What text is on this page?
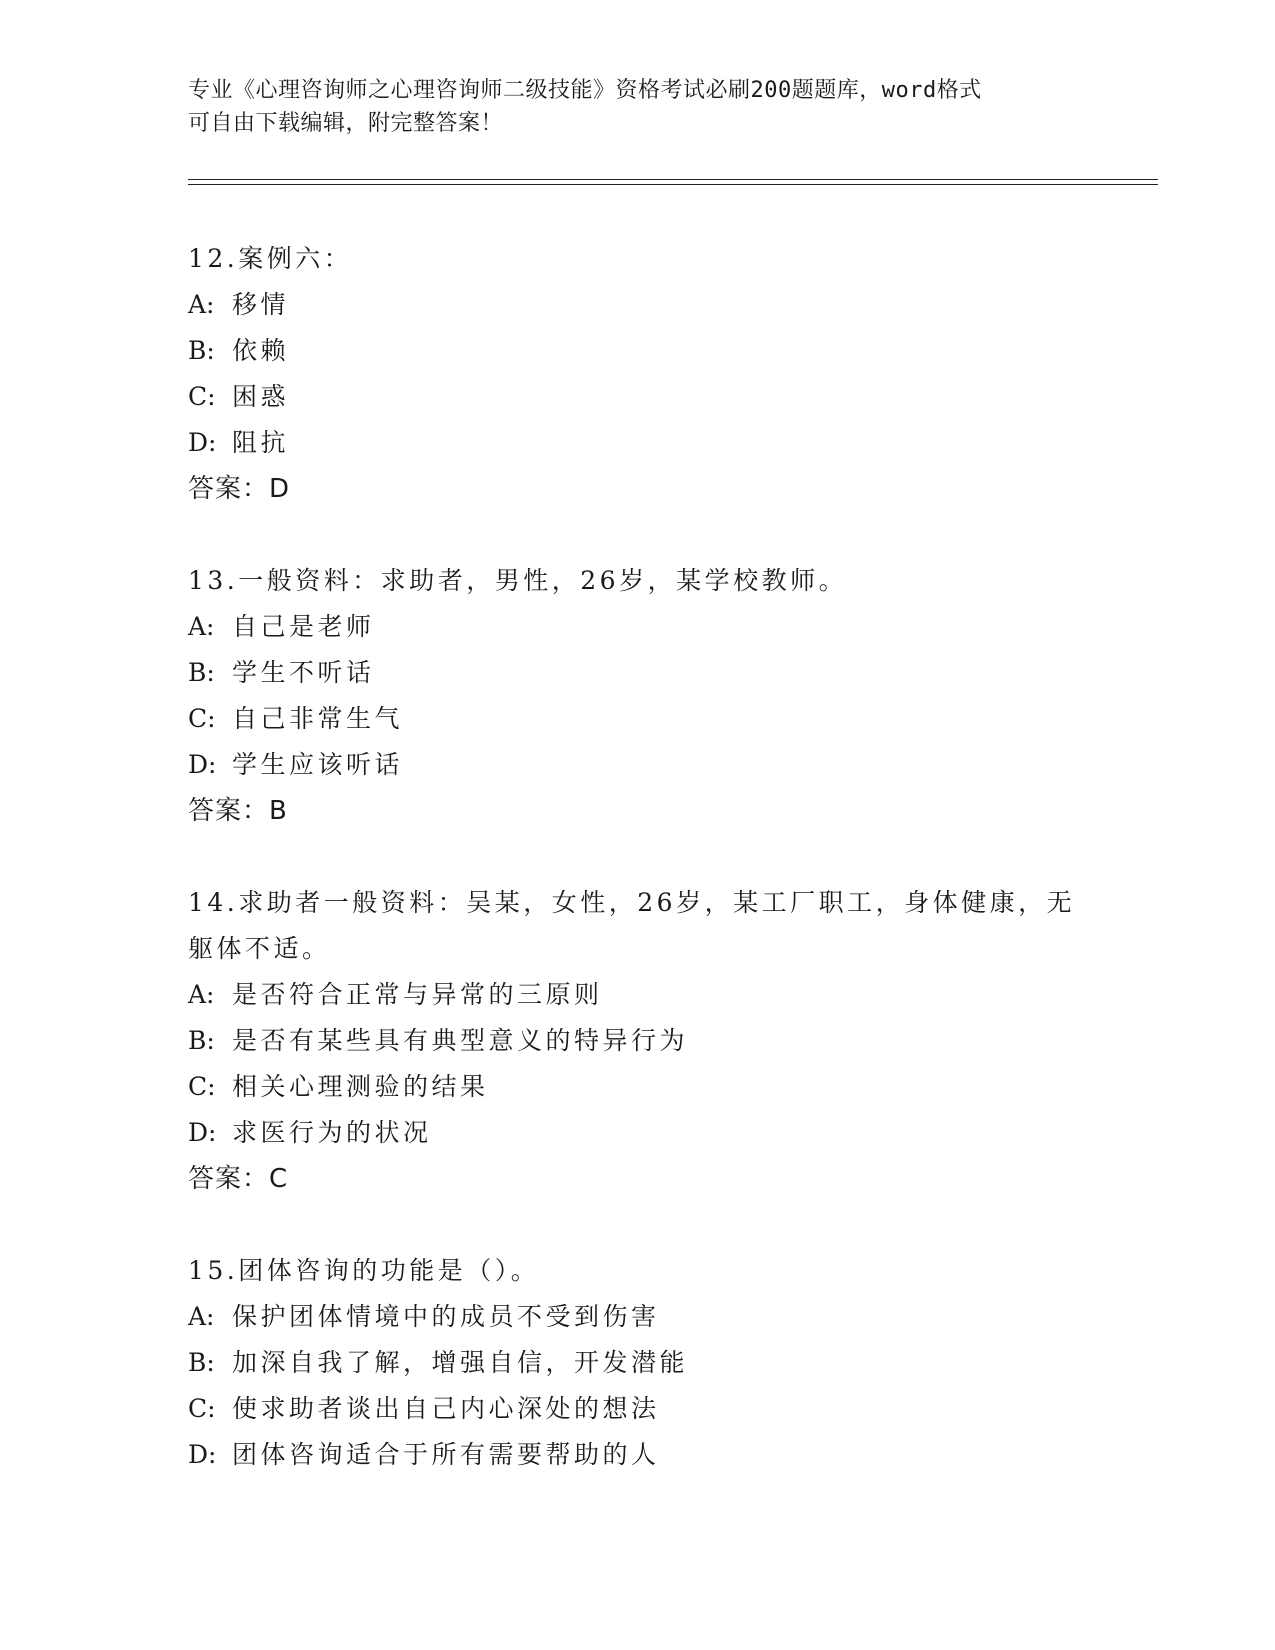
专业《心理咨询师之心理咨询师二级技能》资格考试必刷200题题库，word格式
可自由下载编辑，附完整答案！
12.案例六：
A: 移情
B: 依赖
C: 困惑
D: 阻抗
答案：D
13.一般资料：求助者，男性，26岁，某学校教师。
A: 自己是老师
B: 学生不听话
C: 自己非常生气
D: 学生应该听话
答案：B
14.求助者一般资料：吴某，女性，26岁，某工厂职工，身体健康，无躯体不适。
A: 是否符合正常与异常的三原则
B: 是否有某些具有典型意义的特异行为
C: 相关心理测验的结果
D: 求医行为的状况
答案：C
15.团体咨询的功能是（）。
A: 保护团体情境中的成员不受到伤害
B: 加深自我了解，增强自信，开发潜能
C: 使求助者谈出自己内心深处的想法
D: 团体咨询适合于所有需要帮助的人
